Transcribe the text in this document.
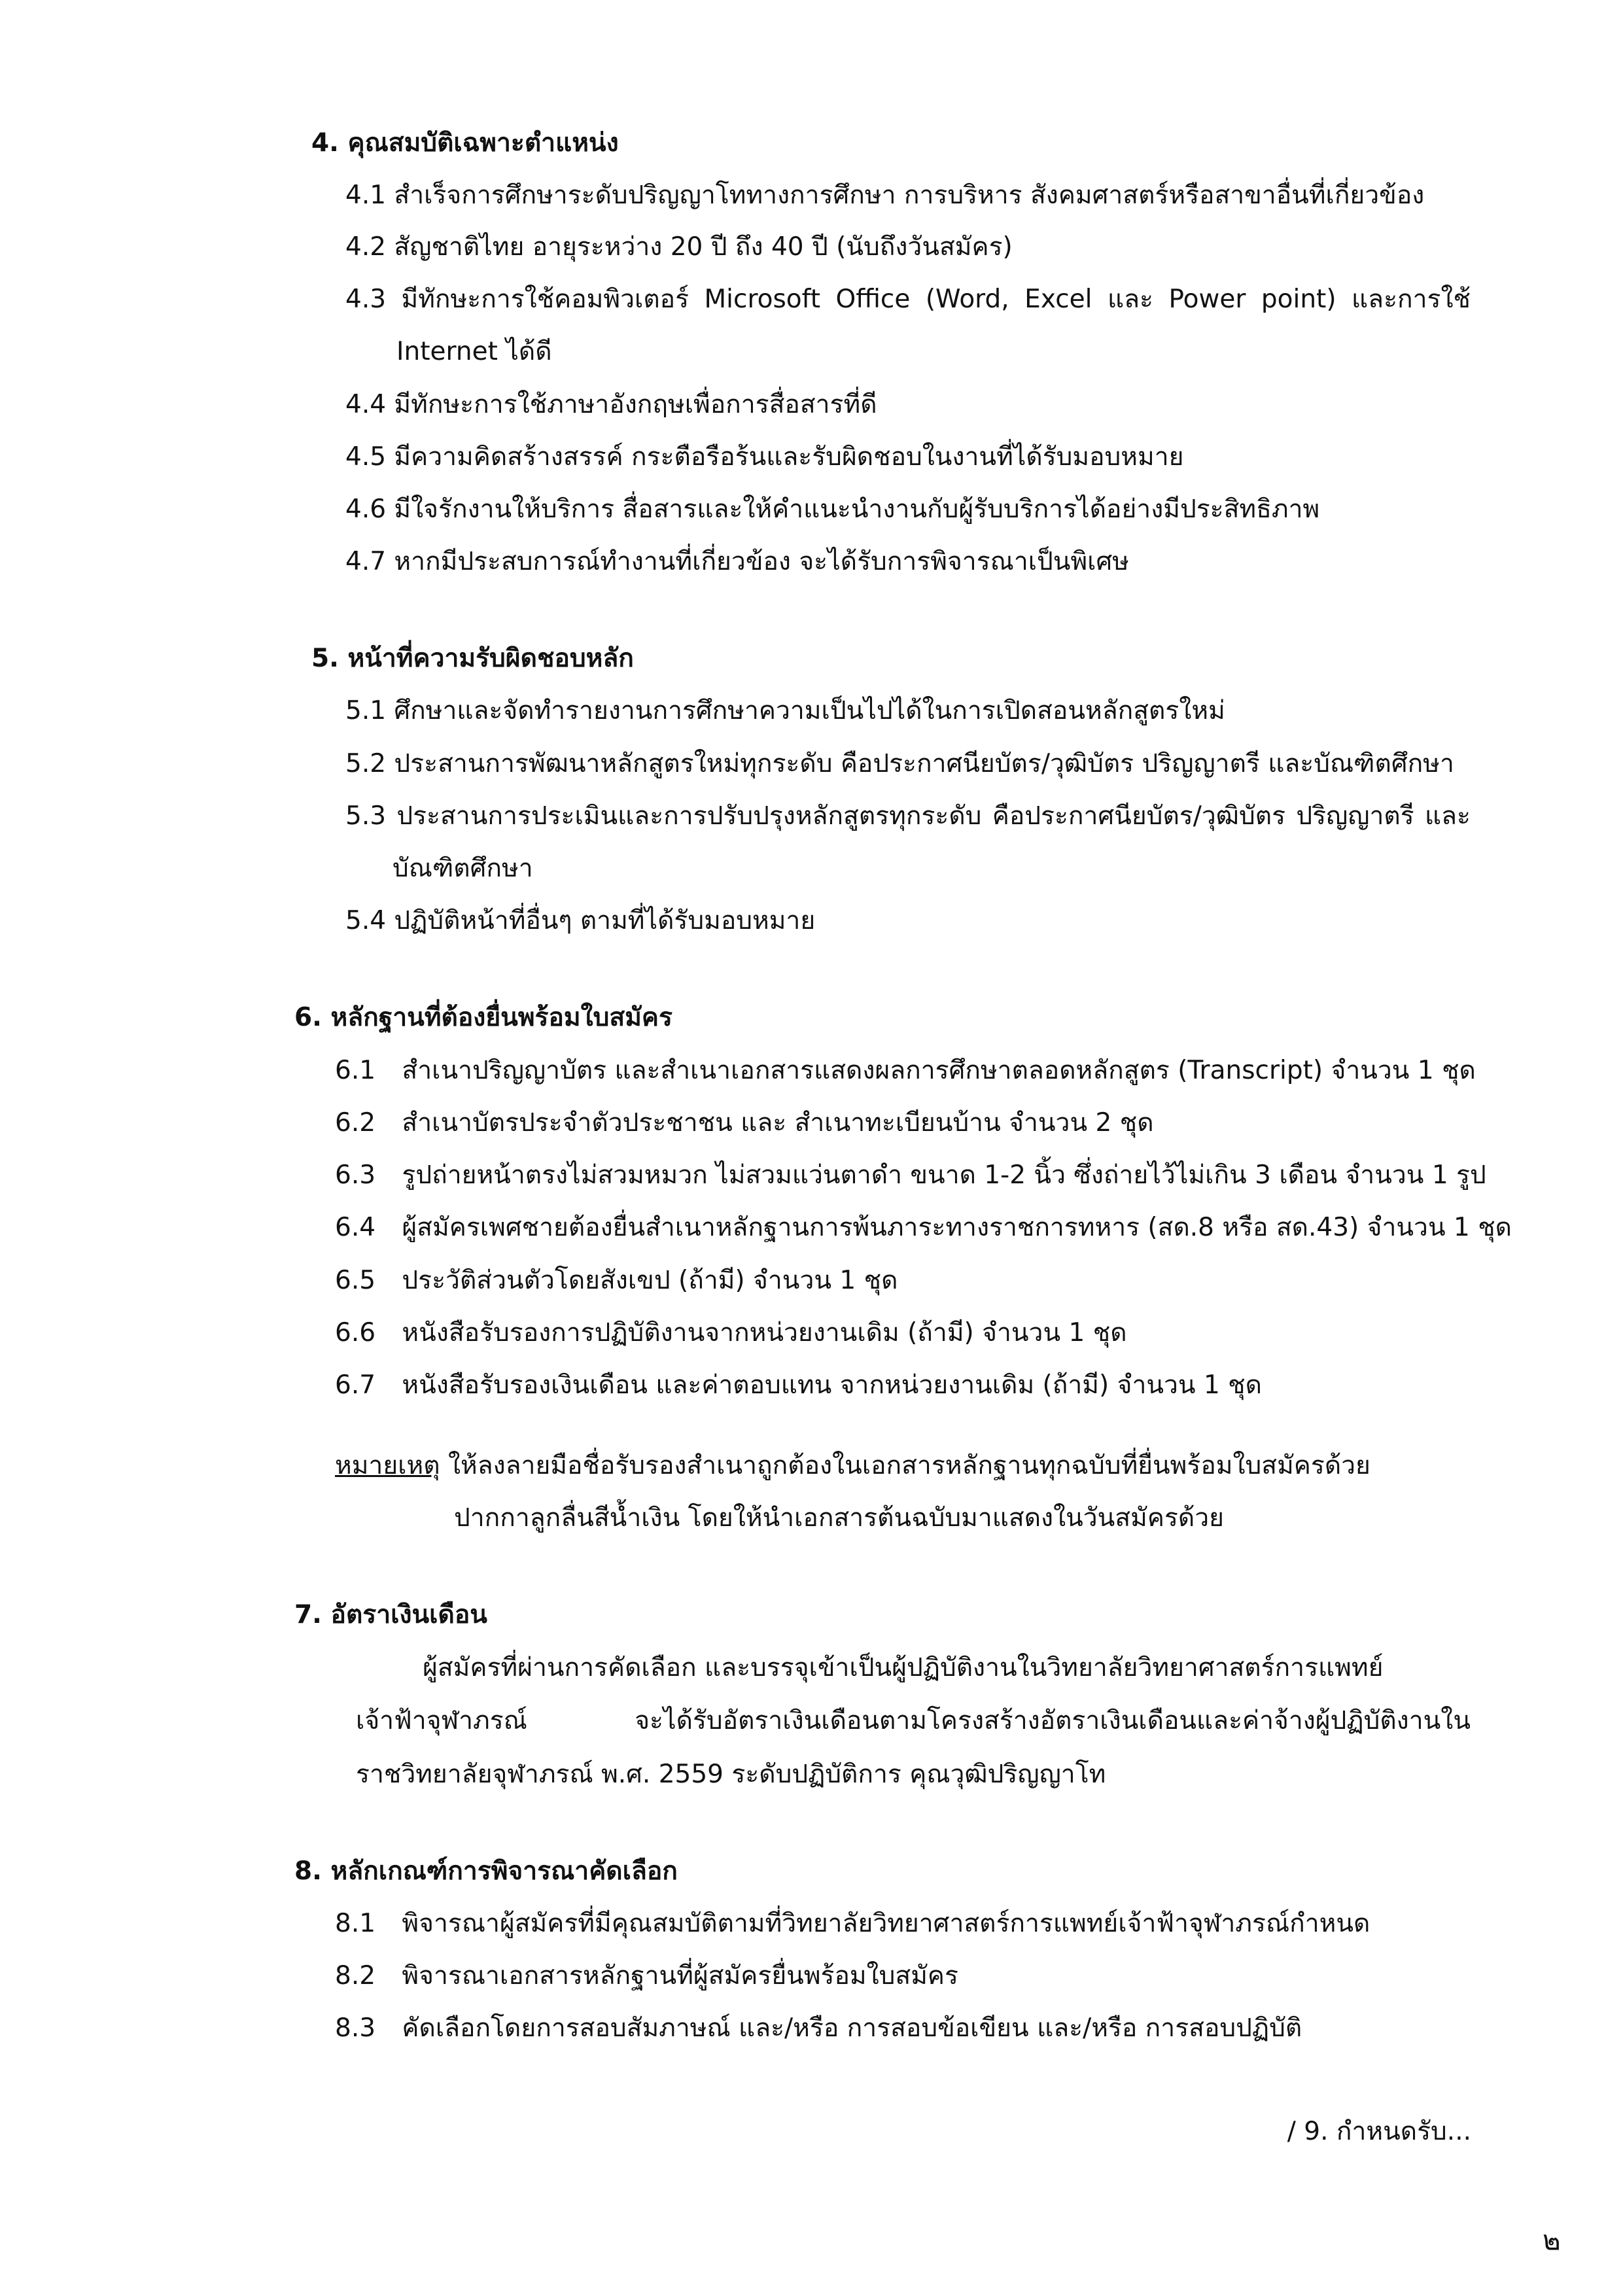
4. คุณสมบัติเฉพาะตำแหน่ง
4.1 สำเร็จการศึกษาระดับปริญญาโททางการศึกษา การบริหาร สังคมศาสตร์หรือสาขาอื่นที่เกี่ยวข้อง
4.2 สัญชาติไทย อายุระหว่าง 20 ปี ถึง 40 ปี (นับถึงวันสมัคร)
4.3 มีทักษะการใช้คอมพิวเตอร์ Microsoft Office (Word, Excel และ Power point) และการใช้
Internet ได้ดี
4.4 มีทักษะการใช้ภาษาอังกฤษเพื่อการสื่อสารที่ดี
4.5 มีความคิดสร้างสรรค์ กระตือรือร้นและรับผิดชอบในงานที่ได้รับมอบหมาย
4.6 มีใจรักงานให้บริการ สื่อสารและให้คำแนะนำงานกับผู้รับบริการได้อย่างมีประสิทธิภาพ
4.7 หากมีประสบการณ์ทำงานที่เกี่ยวข้อง จะได้รับการพิจารณาเป็นพิเศษ
5. หน้าที่ความรับผิดชอบหลัก
5.1 ศึกษาและจัดทำรายงานการศึกษาความเป็นไปได้ในการเปิดสอนหลักสูตรใหม่
5.2 ประสานการพัฒนาหลักสูตรใหม่ทุกระดับ คือประกาศนียบัตร/วุฒิบัตร ปริญญาตรี และบัณฑิตศึกษา
5.3 ประสานการประเมินและการปรับปรุงหลักสูตรทุกระดับ คือประกาศนียบัตร/วุฒิบัตร ปริญญาตรี และ
บัณฑิตศึกษา
5.4 ปฏิบัติหน้าที่อื่นๆ ตามที่ได้รับมอบหมาย
6. หลักฐานที่ต้องยื่นพร้อมใบสมัคร
6.1 สำเนาปริญญาบัตร และสำเนาเอกสารแสดงผลการศึกษาตลอดหลักสูตร (Transcript) จำนวน 1 ชุด
6.2 สำเนาบัตรประจำตัวประชาชน และ สำเนาทะเบียนบ้าน จำนวน 2 ชุด
6.3 รูปถ่ายหน้าตรงไม่สวมหมวก ไม่สวมแว่นตาดำ ขนาด 1-2 นิ้ว ซึ่งถ่ายไว้ไม่เกิน 3 เดือน จำนวน 1 รูป
6.4 ผู้สมัครเพศชายต้องยื่นสำเนาหลักฐานการพ้นภาระทางราชการทหาร (สด.8 หรือ สด.43) จำนวน 1 ชุด
6.5 ประวัติส่วนตัวโดยสังเขป (ถ้ามี) จำนวน 1 ชุด
6.6 หนังสือรับรองการปฏิบัติงานจากหน่วยงานเดิม (ถ้ามี) จำนวน 1 ชุด
6.7 หนังสือรับรองเงินเดือน และค่าตอบแทน จากหน่วยงานเดิม (ถ้ามี) จำนวน 1 ชุด
หมายเหตุ ให้ลงลายมือชื่อรับรองสำเนาถูกต้องในเอกสารหลักฐานทุกฉบับที่ยื่นพร้อมใบสมัครด้วย
ปากกาลูกลื่นสีน้ำเงิน โดยให้นำเอกสารต้นฉบับมาแสดงในวันสมัครด้วย
7. อัตราเงินเดือน
ผู้สมัครที่ผ่านการคัดเลือก และบรรจุเข้าเป็นผู้ปฏิบัติงานในวิทยาลัยวิทยาศาสตร์การแพทย์
เจ้าฟ้าจุฬาภรณ์ จะได้รับอัตราเงินเดือนตามโครงสร้างอัตราเงินเดือนและค่าจ้างผู้ปฏิบัติงานใน
ราชวิทยาลัยจุฬาภรณ์ พ.ศ. 2559 ระดับปฏิบัติการ คุณวุฒิปริญญาโท
8. หลักเกณฑ์การพิจารณาคัดเลือก
8.1 พิจารณาผู้สมัครที่มีคุณสมบัติตามที่วิทยาลัยวิทยาศาสตร์การแพทย์เจ้าฟ้าจุฬาภรณ์กำหนด
8.2 พิจารณาเอกสารหลักฐานที่ผู้สมัครยื่นพร้อมใบสมัคร
8.3 คัดเลือกโดยการสอบสัมภาษณ์ และ/หรือ การสอบข้อเขียน และ/หรือ การสอบปฏิบัติ
/ 9. กำหนดรับ...
๒
